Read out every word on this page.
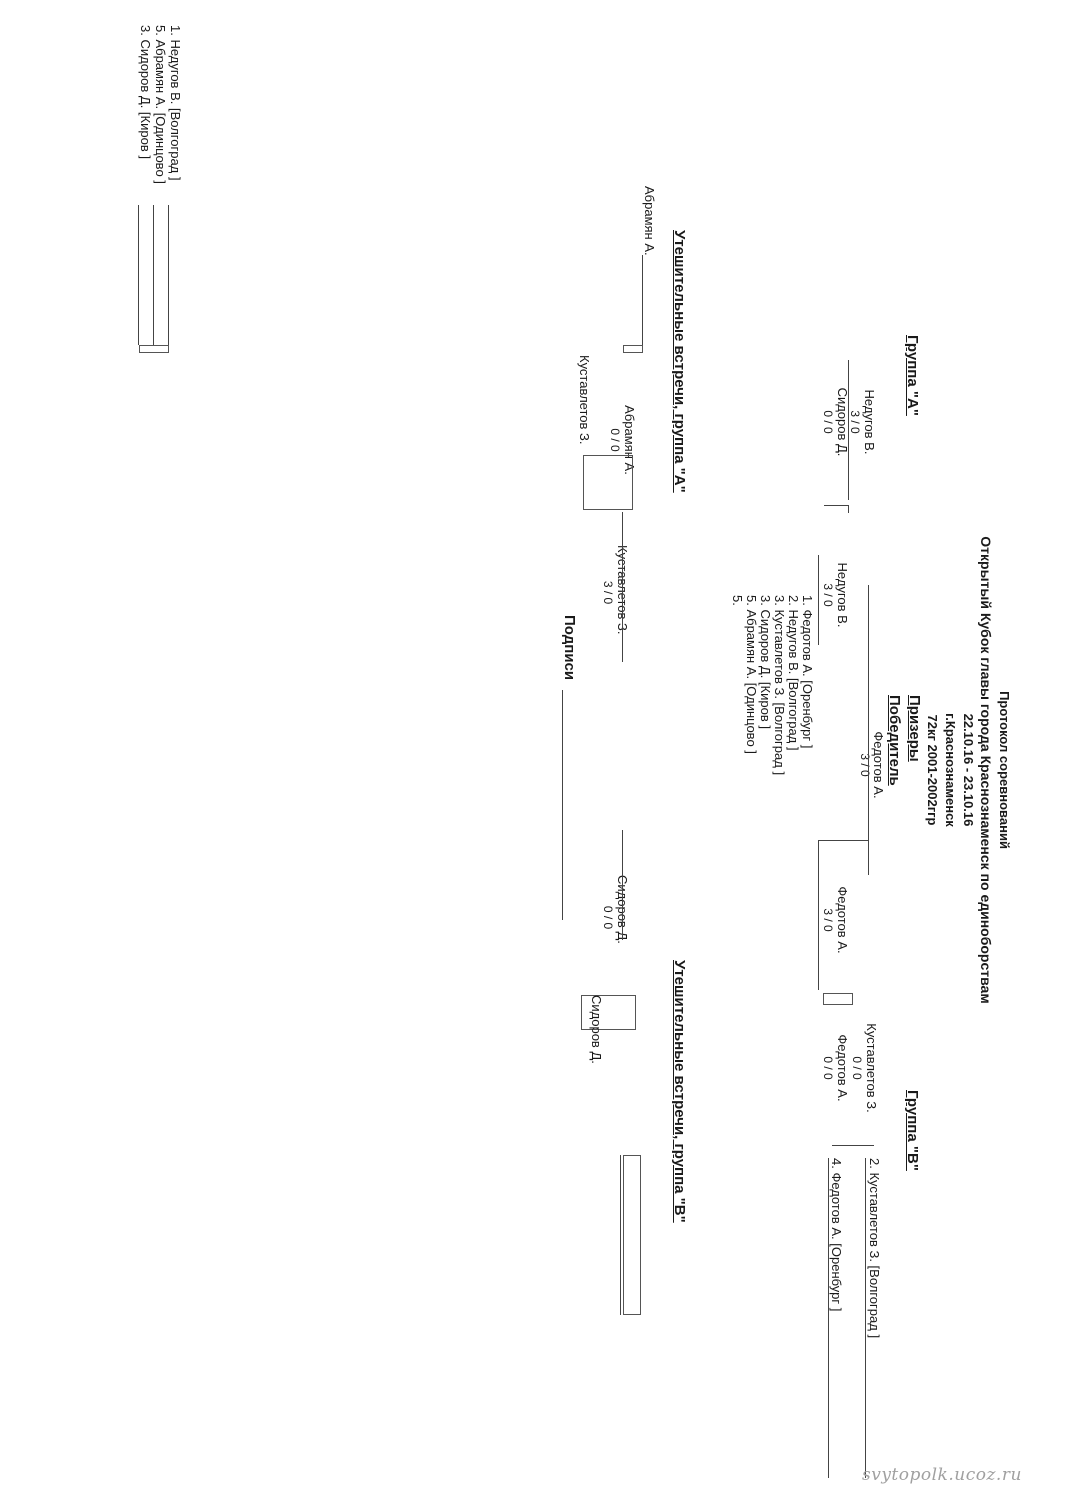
Протокол соревнований
Открытый Кубок главы города Краснознаменск по единоборствам
22.10.16 - 23.10.16
г.Краснознаменск
72кг 2001-2002ггр
Группа "А"
1. Недугов В. [Волгоград ]
5. Абрамян А. [Одинцово ]
3. Сидоров Д. [Киров ]
Недугов В.
3 / 0
Сидоров Д.
0 / 0
Недугов В.
3 / 0
Победитель
Федотов А.
3 / 0
Призеры
1. Федотов А. [Оренбург ]
2. Недугов В. [Волгоград ]
3. Куставлетов З. [Волгоград ]
3. Сидоров Д. [Киров ]
5. Абрамян А. [Одинцово ]
5.
Группа "В"
2. Куставлетов З. [Волгоград ]
4. Федотов А. [Оренбург ]
Куставлетов З.
0 / 0
Федотов А.
0 / 0
Федотов А.
3 / 0
Утешительные встречи, группа "А"
Абрамян А.
Абрамян А.
0 / 0
Куставлетов З.
Куставлетов З.
3 / 0
Утешительные встречи, группа "В"
Сидоров Д.
0 / 0
Сидоров Д.
Подписи
svytopolk.ucoz.ru
